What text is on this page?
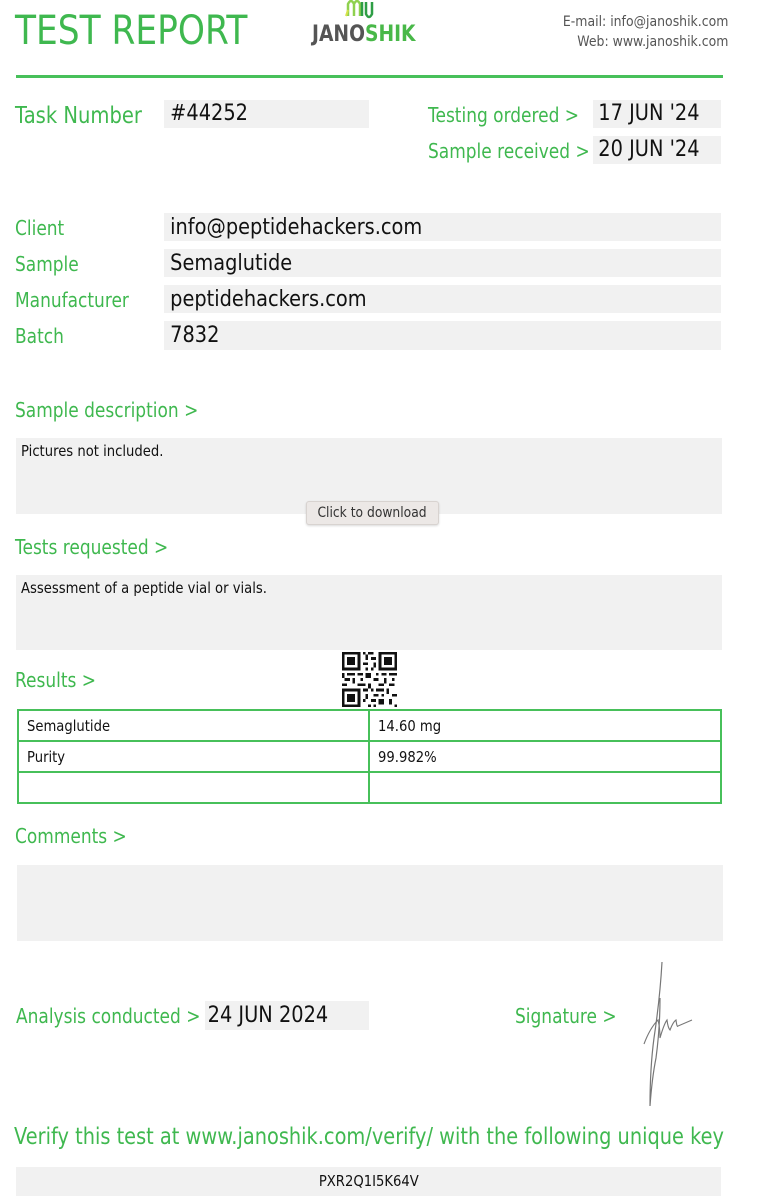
TEST REPORT	JANOSHIK	E-mail: info@janoshik.com
Web: www.janoshik.com
Task Number #44252	Testing ordered > 17 JUN '24
Sample received > 20 JUN '24
Client	info@peptidehackers.com
Sample	Semaglutide
Manufacturer peptidehackers.com
Batch	7832
Sample description >
Pictures not included.
Click to download
Tests requested >
Assessment of a peptide vial or vials.
Results >
Semaglutide	14.60 mg
Purity	99.982%

Comments >
Analysis conducted > 24 JUN 2024	Signature >
Verify this test at www.janoshik.com/verify/ with the following unique key
PXR2Q1I5K64V
